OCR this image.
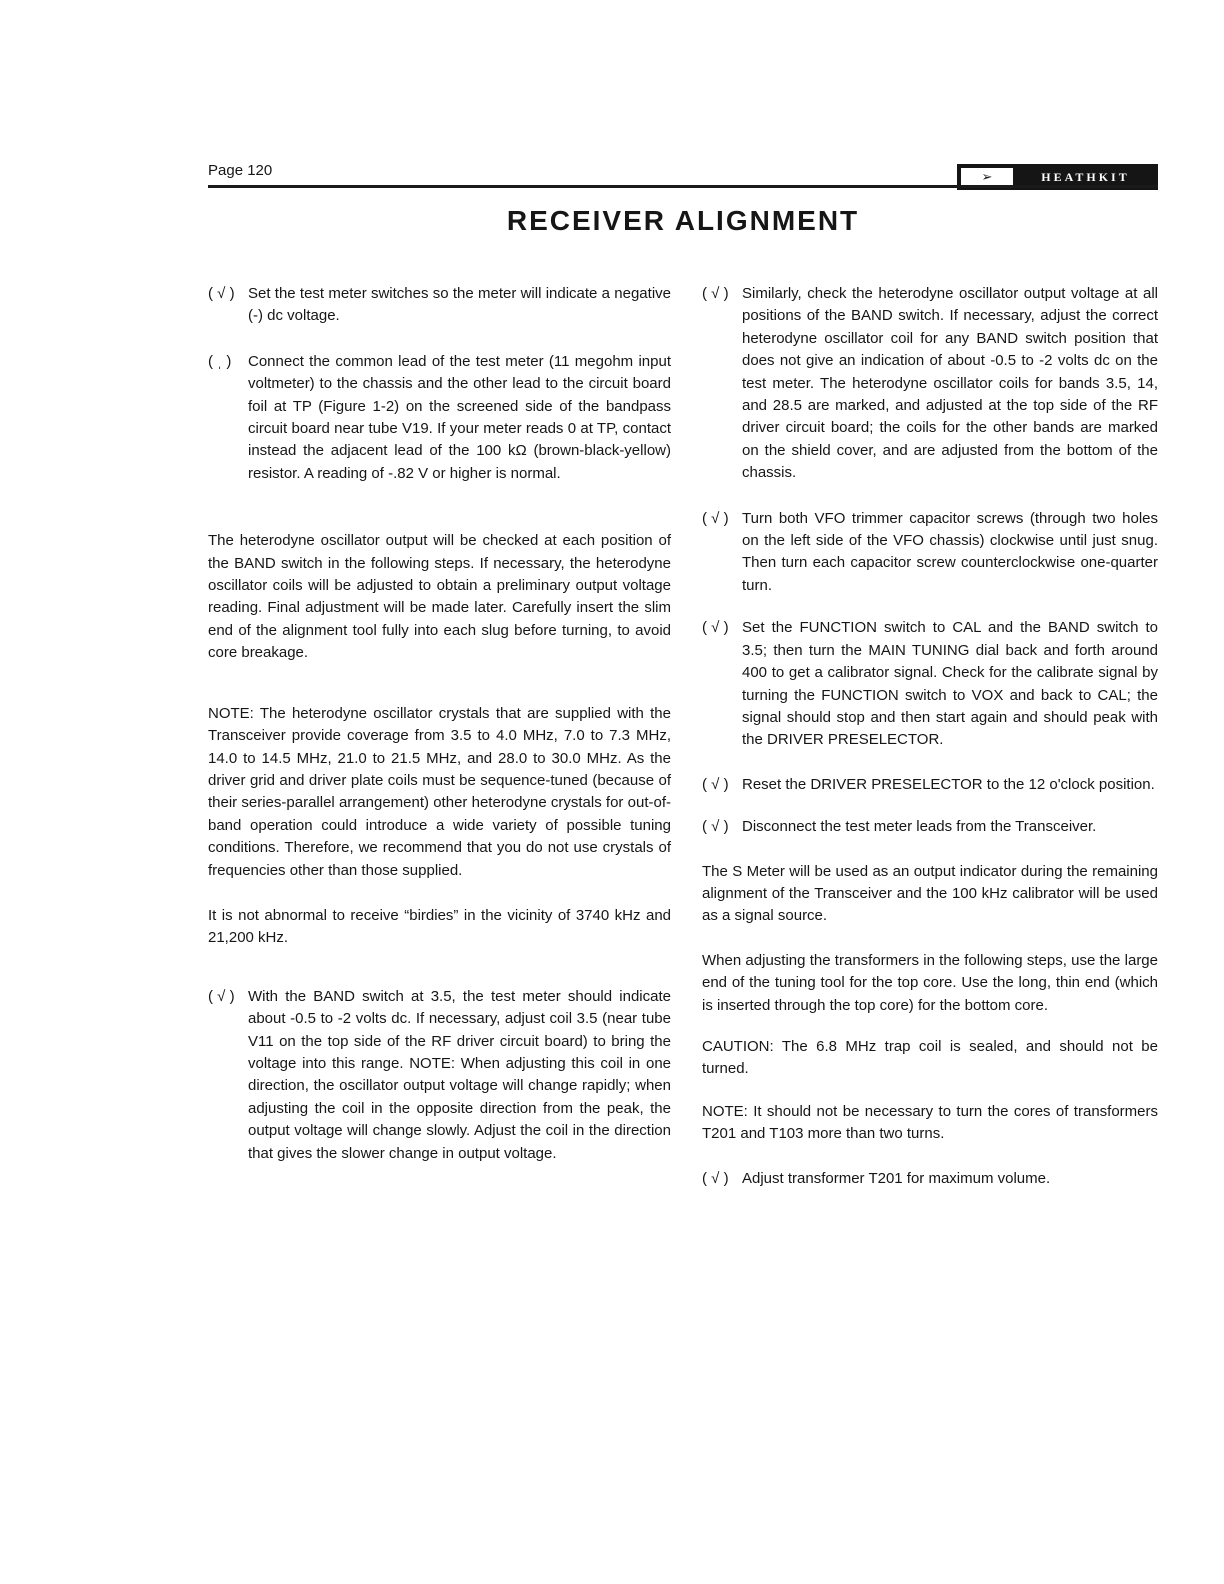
Page 120	➢	HEATHKIT
RECEIVER ALIGNMENT
( √ ) Set the test meter switches so the meter will indicate a negative (-) dc voltage.

( ˌ )	Connect the common lead of the test meter (11 megohm input voltmeter) to the chassis and the other lead to the circuit board foil at TP (Figure 1-2) on the screened side of the bandpass circuit board near tube V19. If your meter reads 0 at TP, contact instead the adjacent lead of the 100 kΩ (brown-black-yellow) resistor. A reading of -.82 V or higher is normal.

The heterodyne oscillator output will be checked at each position of the BAND switch in the following steps. If necessary, the heterodyne oscillator coils will be adjusted to obtain a preliminary output voltage reading. Final adjustment will be made later. Carefully insert the slim end of the alignment tool fully into each slug before turning, to avoid core breakage.

NOTE: The heterodyne oscillator crystals that are supplied with the Transceiver provide coverage from 3.5 to 4.0 MHz, 7.0 to 7.3 MHz, 14.0 to 14.5 MHz, 21.0 to 21.5 MHz, and 28.0 to 30.0 MHz. As the driver grid and driver plate coils must be sequence-tuned (because of their series-parallel arrangement) other heterodyne crystals for out-of-band operation could introduce a wide variety of possible tuning conditions. Therefore, we recommend that you do not use crystals of frequencies other than those supplied.

It is not abnormal to receive “birdies” in the vicinity of 3740 kHz and 21,200 kHz.

( √ ) With the BAND switch at 3.5, the test meter should indicate about -0.5 to -2 volts dc. If necessary, adjust coil 3.5 (near tube V11 on the top side of the RF driver circuit board) to bring the voltage into this range. NOTE: When adjusting this coil in one direction, the oscillator output voltage will change rapidly; when adjusting the coil in the opposite direction from the peak, the output voltage will change slowly. Adjust the coil in the direction that gives the slower change in output voltage.

( √ ) Similarly, check the heterodyne oscillator output voltage at all positions of the BAND switch. If necessary, adjust the correct heterodyne oscillator coil for any BAND switch position that does not give an indication of about -0.5 to -2 volts dc on the test meter. The heterodyne oscillator coils for bands 3.5, 14, and 28.5 are marked, and adjusted at the top side of the RF driver circuit board; the coils for the other bands are marked on the shield cover, and are adjusted from the bottom of the chassis.

( √ ) Turn both VFO trimmer capacitor screws (through two holes on the left side of the VFO chassis) clockwise until just snug. Then turn each capacitor screw counterclockwise one-quarter turn.

( √ ) Set the FUNCTION switch to CAL and the BAND switch to 3.5; then turn the MAIN TUNING dial back and forth around 400 to get a calibrator signal. Check for the calibrate signal by turning the FUNCTION switch to VOX and back to CAL; the signal should stop and then start again and should peak with the DRIVER PRESELECTOR.

( √ ) Reset the DRIVER PRESELECTOR to the 12 o'clock position.

( √ ) Disconnect the test meter leads from the Transceiver.

The S Meter will be used as an output indicator during the remaining alignment of the Transceiver and the 100 kHz calibrator will be used as a signal source.

When adjusting the transformers in the following steps, use the large end of the tuning tool for the top core. Use the long, thin end (which is inserted through the top core) for the bottom core.

CAUTION: The 6.8 MHz trap coil is sealed, and should not be turned.

NOTE: It should not be necessary to turn the cores of transformers T201 and T103 more than two turns.

( √ ) Adjust transformer T201 for maximum volume.
